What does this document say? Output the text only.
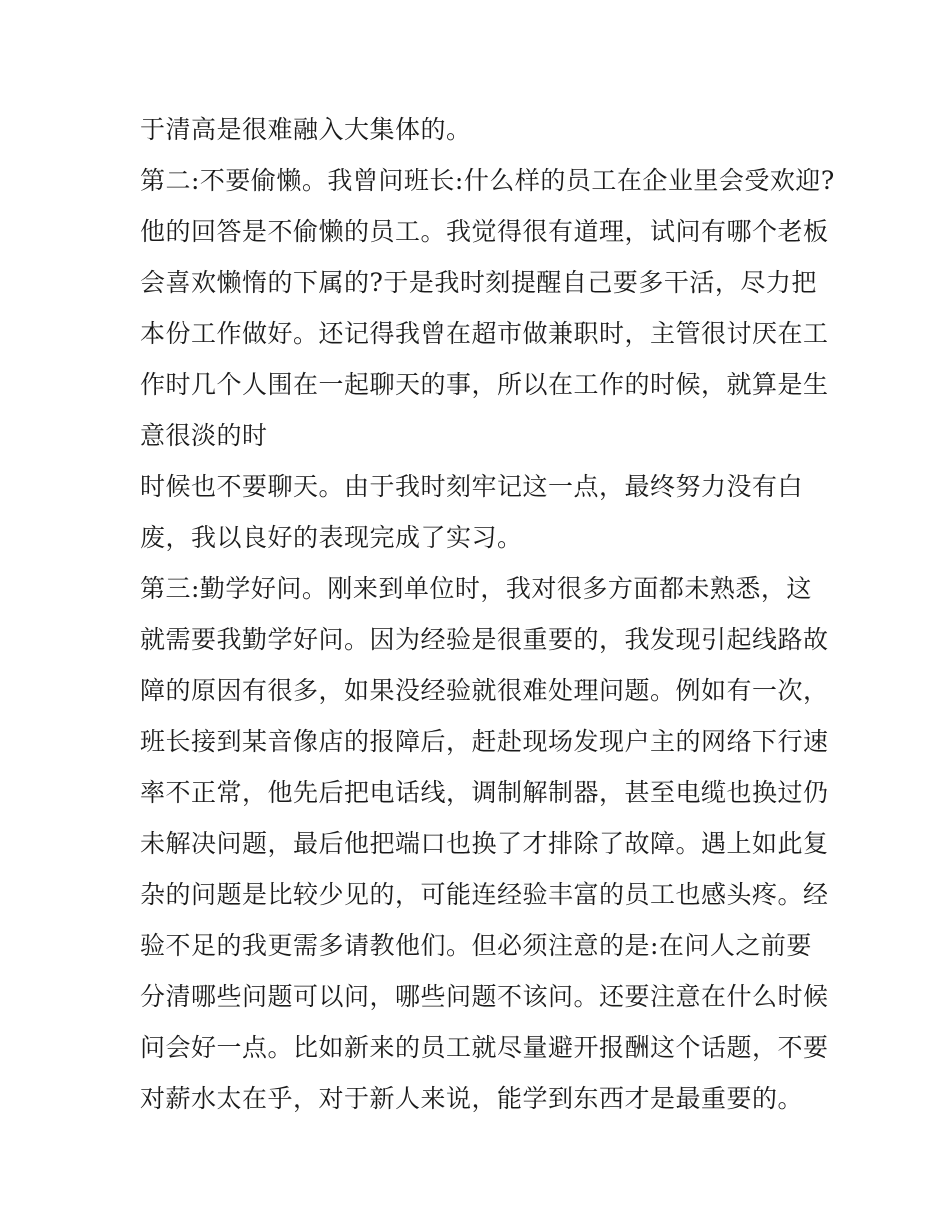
于清高是很难融入大集体的。
第二:不要偷懒。我曾问班长:什么样的员工在企业里会受欢迎?
他的回答是不偷懒的员工。我觉得很有道理，试问有哪个老板
会喜欢懒惰的下属的?于是我时刻提醒自己要多干活，尽力把
本份工作做好。还记得我曾在超市做兼职时，主管很讨厌在工
作时几个人围在一起聊天的事，所以在工作的时候，就算是生
意很淡的时
时候也不要聊天。由于我时刻牢记这一点，最终努力没有白
废，我以良好的表现完成了实习。
第三:勤学好问。刚来到单位时，我对很多方面都未熟悉，这
就需要我勤学好问。因为经验是很重要的，我发现引起线路故
障的原因有很多，如果没经验就很难处理问题。例如有一次，
班长接到某音像店的报障后，赶赴现场发现户主的网络下行速
率不正常，他先后把电话线，调制解制器，甚至电缆也换过仍
未解决问题，最后他把端口也换了才排除了故障。遇上如此复
杂的问题是比较少见的，可能连经验丰富的员工也感头疼。经
验不足的我更需多请教他们。但必须注意的是:在问人之前要
分清哪些问题可以问，哪些问题不该问。还要注意在什么时候
问会好一点。比如新来的员工就尽量避开报酬这个话题，不要
对薪水太在乎，对于新人来说，能学到东西才是最重要的。
